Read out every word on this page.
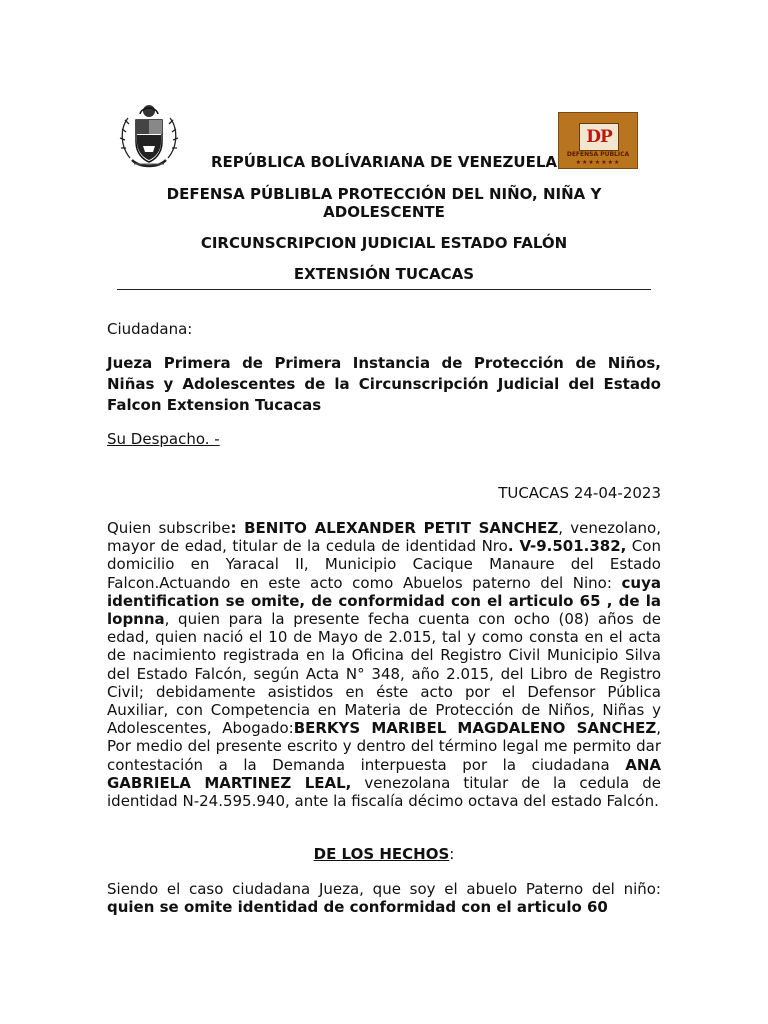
DP
DEFENSA PÚBLICA
★★★★★★★
REPÚBLICA BOLÍVARIANA DE VENEZUELA
DEFENSA PÚBLIBLA PROTECCIÓN DEL NIÑO, NIÑA Y
ADOLESCENTE
CIRCUNSCRIPCION JUDICIAL ESTADO FALÓN
EXTENSIÓN TUCACAS
Ciudadana:
Jueza Primera de Primera Instancia de Protección de Niños, Niñas y Adolescentes de la Circunscripción Judicial del Estado Falcon Extension Tucacas
Su Despacho. -
TUCACAS 24-04-2023
Quien subscribe: BENITO ALEXANDER PETIT SANCHEZ, venezolano, mayor de edad, titular de la cedula de identidad Nro. V-9.501.382, Con domicilio en Yaracal II, Municipio Cacique Manaure del Estado Falcon.Actuando en este acto como Abuelos paterno del Nino: cuya identification se omite, de conformidad con el articulo 65 , de la lopnna, quien para la presente fecha cuenta con ocho (08) años de edad, quien nació el 10 de Mayo de 2.015, tal y como consta en el acta de nacimiento registrada en la Oficina del Registro Civil Municipio Silva del Estado Falcón, según Acta N° 348, año 2.015, del Libro de Registro Civil; debidamente asistidos en éste acto por el Defensor Pública Auxiliar, con Competencia en Materia de Protección de Niños, Niñas y Adolescentes, Abogado:BERKYS MARIBEL MAGDALENO SANCHEZ, Por medio del presente escrito y dentro del término legal me permito dar contestación a la Demanda interpuesta por la ciudadana ANA GABRIELA MARTINEZ LEAL, venezolana titular de la cedula de identidad N-24.595.940, ante la fiscalía décimo octava del estado Falcón.
DE LOS HECHOS:
Siendo el caso ciudadana Jueza, que soy el abuelo Paterno del niño: quien se omite identidad de conformidad con el articulo 60
